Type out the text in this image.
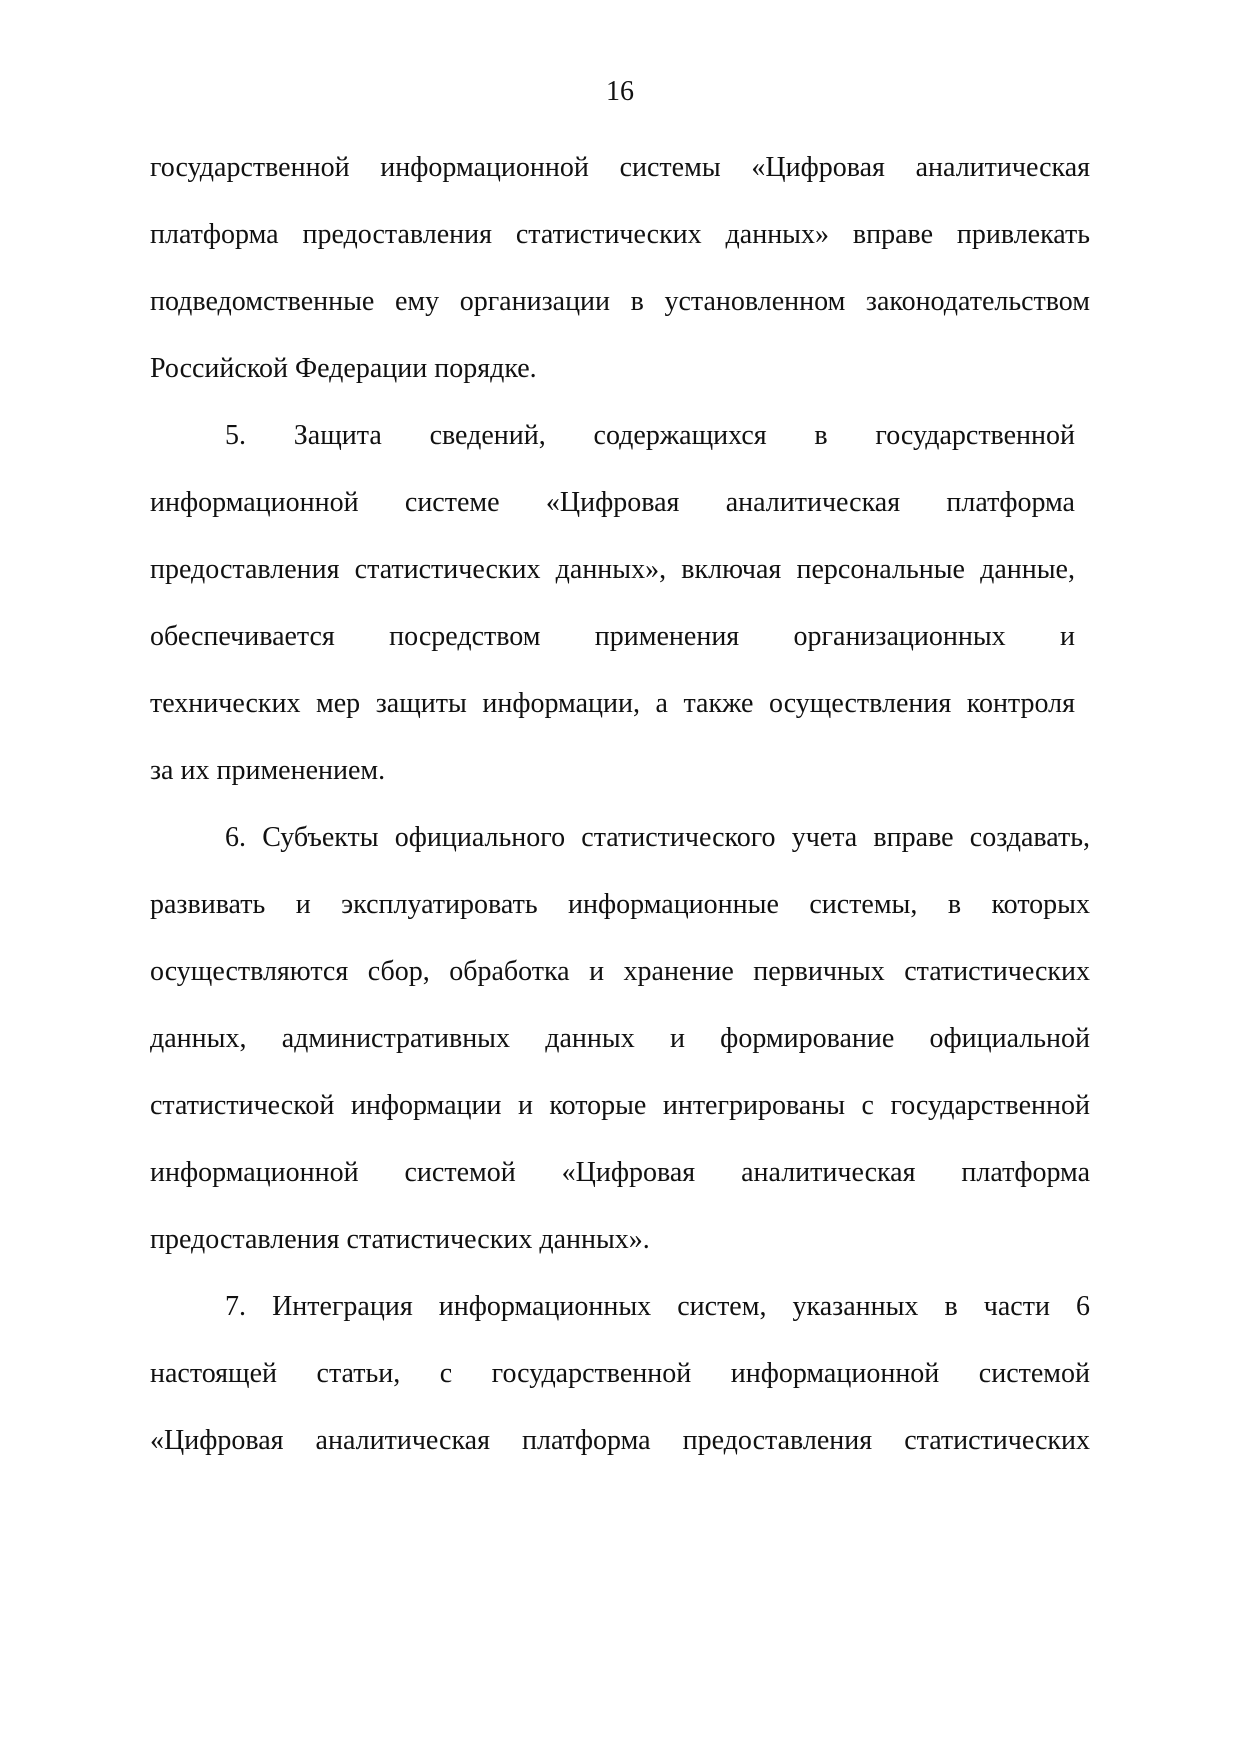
16
государственной информационной системы «Цифровая аналитическая
платформа предоставления статистических данных» вправе привлекать
подведомственные ему организации в установленном законодательством
Российской Федерации порядке.
5. Защита сведений, содержащихся в государственной
информационной системе «Цифровая аналитическая платформа
предоставления статистических данных», включая персональные данные,
обеспечивается посредством применения организационных и
технических мер защиты информации, а также осуществления контроля
за их применением.
6. Субъекты официального статистического учета вправе создавать,
развивать и эксплуатировать информационные системы, в которых
осуществляются сбор, обработка и хранение первичных статистических
данных, административных данных и формирование официальной
статистической информации и которые интегрированы с государственной
информационной системой «Цифровая аналитическая платформа
предоставления статистических данных».
7. Интеграция информационных систем, указанных в части 6
настоящей статьи, с государственной информационной системой
«Цифровая аналитическая платформа предоставления статистических
